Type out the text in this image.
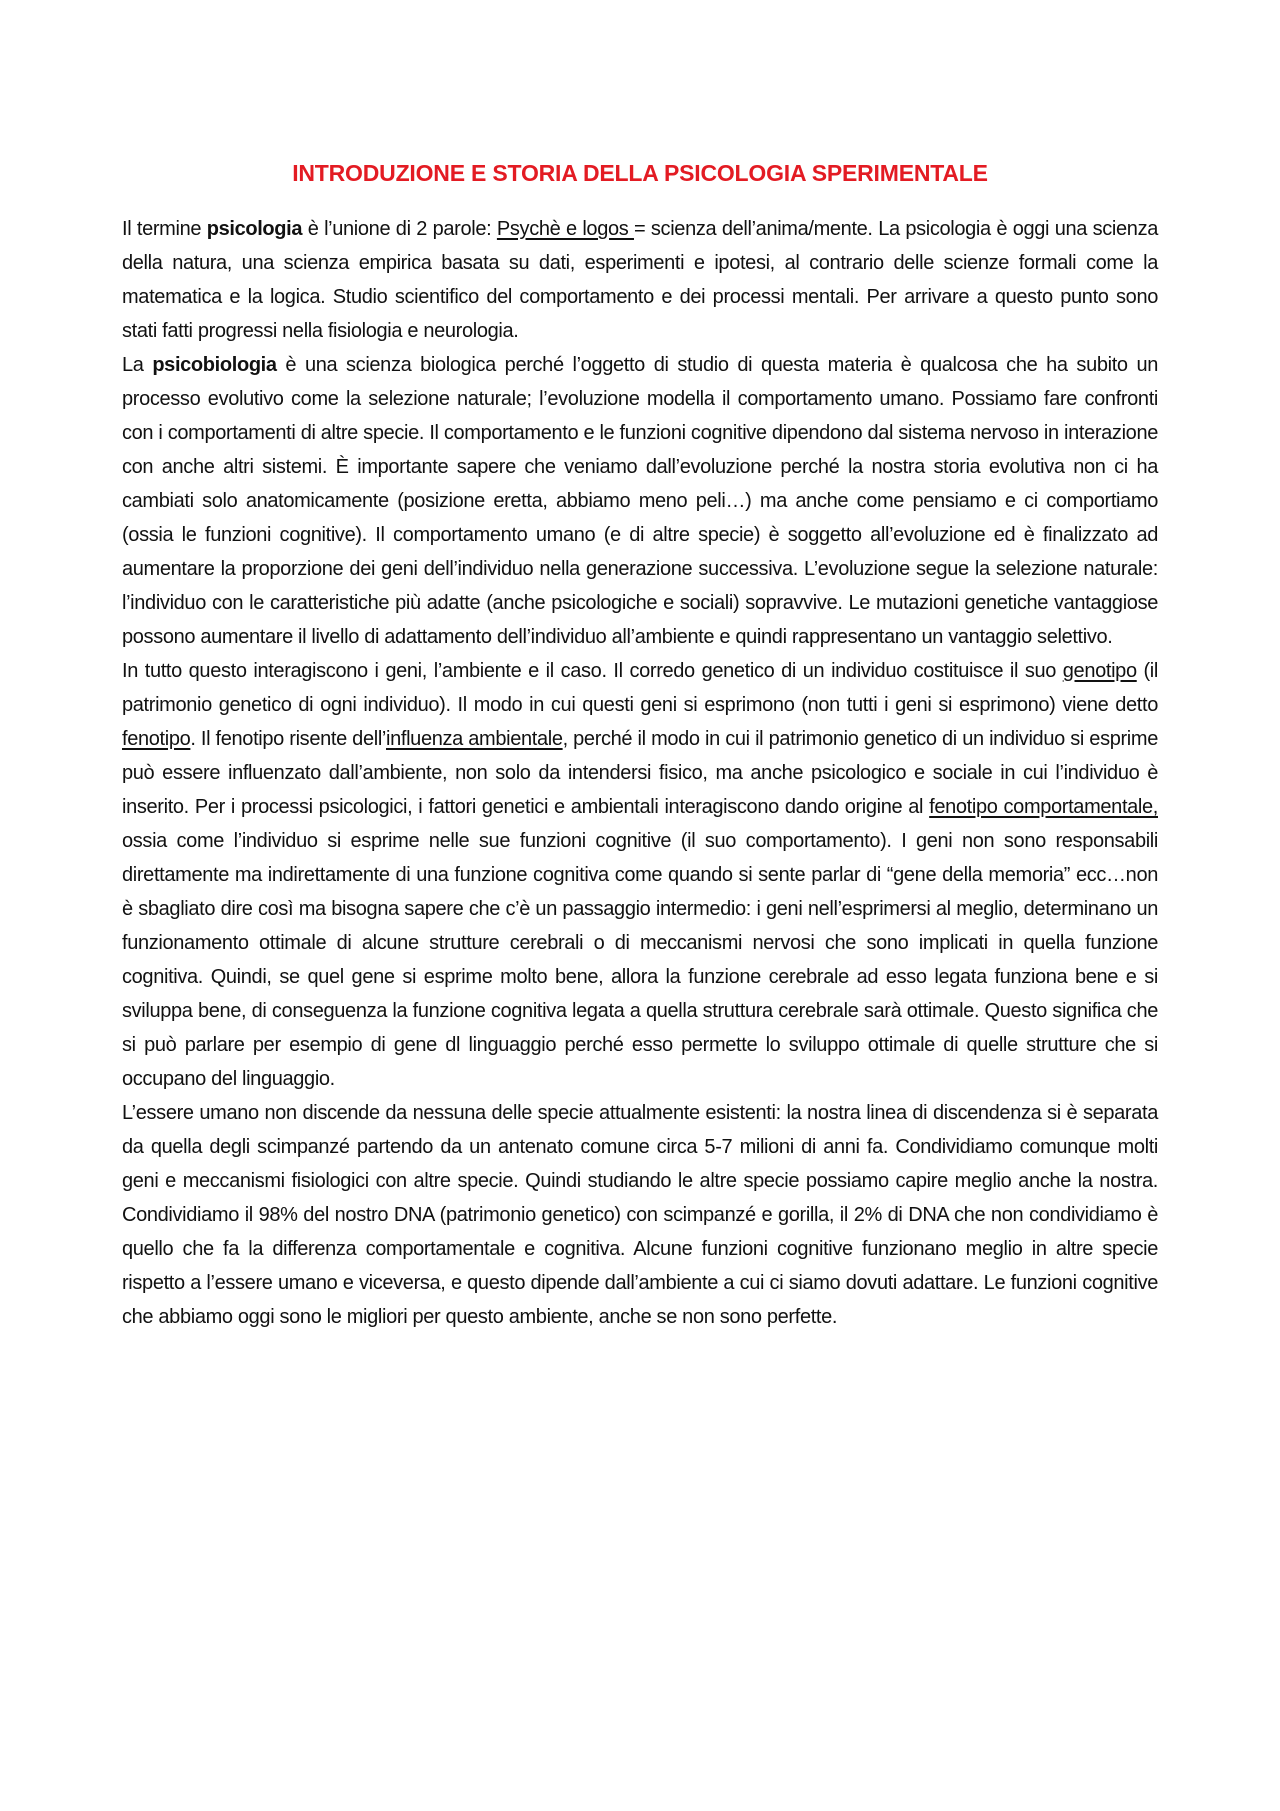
INTRODUZIONE E STORIA DELLA PSICOLOGIA SPERIMENTALE

Il termine psicologia è l’unione di 2 parole: Psychè e logos = scienza dell’anima/mente. La psicologia è oggi una scienza della natura, una scienza empirica basata su dati, esperimenti e ipotesi, al contrario delle scienze formali come la matematica e la logica. Studio scientifico del comportamento e dei processi mentali. Per arrivare a questo punto sono stati fatti progressi nella fisiologia e neurologia.

La psicobiologia è una scienza biologica perché l’oggetto di studio di questa materia è qualcosa che ha subito un processo evolutivo come la selezione naturale; l’evoluzione modella il comportamento umano. Possiamo fare confronti con i comportamenti di altre specie. Il comportamento e le funzioni cognitive dipendono dal sistema nervoso in interazione con anche altri sistemi. È importante sapere che veniamo dall’evoluzione perché la nostra storia evolutiva non ci ha cambiati solo anatomicamente (posizione eretta, abbiamo meno peli…) ma anche come pensiamo e ci comportiamo (ossia le funzioni cognitive). Il comportamento umano (e di altre specie) è soggetto all’evoluzione ed è finalizzato ad aumentare la proporzione dei geni dell’individuo nella generazione successiva. L’evoluzione segue la selezione naturale: l’individuo con le caratteristiche più adatte (anche psicologiche e sociali) sopravvive. Le mutazioni genetiche vantaggiose possono aumentare il livello di adattamento dell’individuo all’ambiente e quindi rappresentano un vantaggio selettivo.

In tutto questo interagiscono i geni, l’ambiente e il caso. Il corredo genetico di un individuo costituisce il suo genotipo (il patrimonio genetico di ogni individuo). Il modo in cui questi geni si esprimono (non tutti i geni si esprimono) viene detto fenotipo. Il fenotipo risente dell’influenza ambientale, perché il modo in cui il patrimonio genetico di un individuo si esprime può essere influenzato dall’ambiente, non solo da intendersi fisico, ma anche psicologico e sociale in cui l’individuo è inserito. Per i processi psicologici, i fattori genetici e ambientali interagiscono dando origine al fenotipo comportamentale, ossia come l’individuo si esprime nelle sue funzioni cognitive (il suo comportamento). I geni non sono responsabili direttamente ma indirettamente di una funzione cognitiva come quando si sente parlar di “gene della memoria” ecc…non è sbagliato dire così ma bisogna sapere che c’è un passaggio intermedio: i geni nell’esprimersi al meglio, determinano un funzionamento ottimale di alcune strutture cerebrali o di meccanismi nervosi che sono implicati in quella funzione cognitiva. Quindi, se quel gene si esprime molto bene, allora la funzione cerebrale ad esso legata funziona bene e si sviluppa bene, di conseguenza la funzione cognitiva legata a quella struttura cerebrale sarà ottimale. Questo significa che si può parlare per esempio di gene dl linguaggio perché esso permette lo sviluppo ottimale di quelle strutture che si occupano del linguaggio.

L’essere umano non discende da nessuna delle specie attualmente esistenti: la nostra linea di discendenza si è separata da quella degli scimpanzé partendo da un antenato comune circa 5-7 milioni di anni fa. Condividiamo comunque molti geni e meccanismi fisiologici con altre specie. Quindi studiando le altre specie possiamo capire meglio anche la nostra. Condividiamo il 98% del nostro DNA (patrimonio genetico) con scimpanzé e gorilla, il 2% di DNA che non condividiamo è quello che fa la differenza comportamentale e cognitiva. Alcune funzioni cognitive funzionano meglio in altre specie rispetto a l’essere umano e viceversa, e questo dipende dall’ambiente a cui ci siamo dovuti adattare. Le funzioni cognitive che abbiamo oggi sono le migliori per questo ambiente, anche se non sono perfette.
